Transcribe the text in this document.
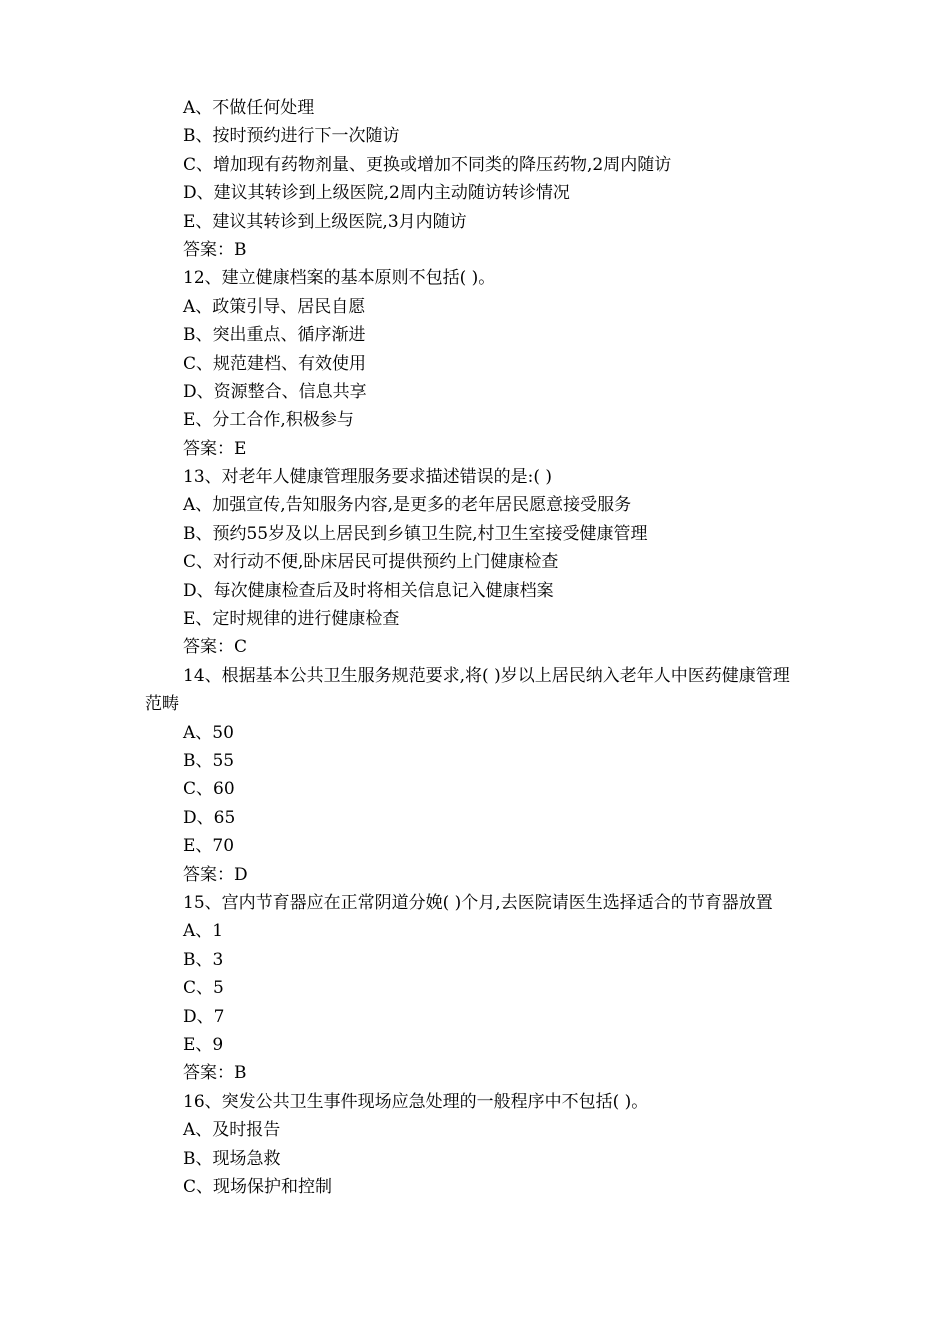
A、不做任何处理
B、按时预约进行下一次随访
C、增加现有药物剂量、更换或增加不同类的降压药物,2周内随访
D、建议其转诊到上级医院,2周内主动随访转诊情况
E、建议其转诊到上级医院,3月内随访
答案：B
12、建立健康档案的基本原则不包括( )。
A、政策引导、居民自愿
B、突出重点、循序渐进
C、规范建档、有效使用
D、资源整合、信息共享
E、分工合作,积极参与
答案：E
13、对老年人健康管理服务要求描述错误的是:( )
A、加强宣传,告知服务内容,是更多的老年居民愿意接受服务
B、预约55岁及以上居民到乡镇卫生院,村卫生室接受健康管理
C、对行动不便,卧床居民可提供预约上门健康检查
D、每次健康检查后及时将相关信息记入健康档案
E、定时规律的进行健康检查
答案：C
14、根据基本公共卫生服务规范要求,将( )岁以上居民纳入老年人中医药健康管理范畴
A、50
B、55
C、60
D、65
E、70
答案：D
15、宫内节育器应在正常阴道分娩( )个月,去医院请医生选择适合的节育器放置
A、1
B、3
C、5
D、7
E、9
答案：B
16、突发公共卫生事件现场应急处理的一般程序中不包括( )。
A、及时报告
B、现场急救
C、现场保护和控制
